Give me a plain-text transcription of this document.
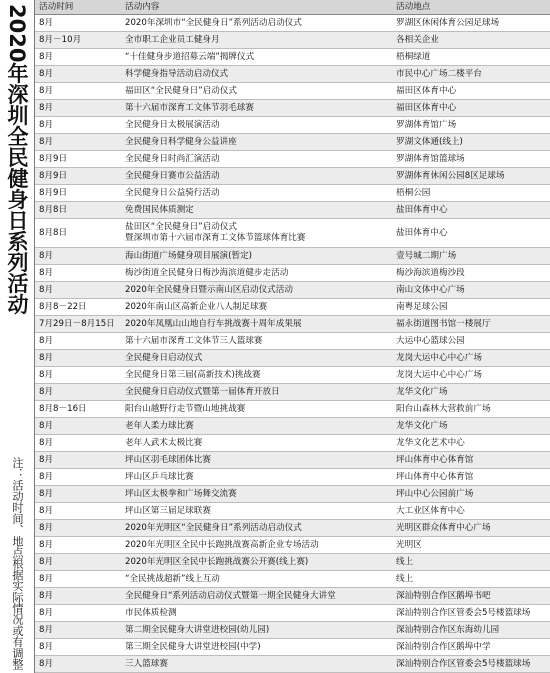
2020年深圳全民健身日系列活动
注：活动时间、地点根据实际情况或有调整
活动时间	活动内容	活动地点
8月	2020年深圳市“全民健身日”系列活动启动仪式	罗湖区休闲体育公园足球场
8月－10月	全市职工企业员工健身月	各相关企业
8月	“十佳健身步道招募云端”揭牌仪式	梧桐绿道
8月	科学健身指导活动启动仪式	市民中心广场二楼平台
8月	福田区“全民健身日”启动仪式	福田区体育中心
8月	第十六届市深育工文体节羽毛球赛	福田区体育中心
8月	全民健身日太极展演活动	罗湖体育馆广场
8月	全民健身日科学健身公益讲座	罗湖文体通(线上)
8月9日	全民健身日时尚汇演活动	罗湖体育馆篮球场
8月9日	全民健身日赛市公益活动	罗湖体育休闲公园8区足球场
8月9日	全民健身日公益骑行活动	梧桐公园
8月8日	免费国民体质测定	盐田体育中心
8月8日	盐田区“全民健身日”启动仪式
暨深圳市第十六届市深育工文体节篮球体育比赛	盐田体育中心
8月	海山街道广场健身项目展演(暂定)	壹号城二期广场
8月	梅沙街道全民健身日梅沙海滨道健步走活动	梅沙海滨道梅沙段
8月	2020年全民健身日暨示南山区启动仪式活动	南山文体中心广场
8月8－22日	2020年南山区高新企业八人制足球赛	南粤足球公园
7月29日－8月15日	2020年凤凰山山地自行车挑战赛十周年成果展	福永街道图书馆一楼展厅
8月	第十六届市深育工文体节三人篮球赛	大运中心篮球公园
8月	全民健身日启动仪式	龙岗大运中心中心广场
8月	全民健身日第三届(高新技术)挑战赛	龙岗大运中心中心广场
8月	全民健身日启动仪式暨第一届体育开放日	龙华文化广场
8月8－16日	阳台山越野行走节暨山地挑战赛	阳台山森林大营救前广场
8月	老年人柔力球比赛	龙华文化广场
8月	老年人武术太极比赛	龙华文化艺术中心
8月	坪山区羽毛球团体比赛	坪山体育中心体育馆
8月	坪山区乒乓球比赛	坪山体育中心体育馆
8月	坪山区太极拳和广场舞交流赛	坪山中心公园前广场
8月	坪山区第三届足球联赛	大工业区体育中心
8月	2020年光明区“全民健身日”系列活动启动仪式	光明区群众体育中心广场
8月	2020年光明区全民中长跑挑战赛高新企业专场活动	光明区
8月	2020年光明区全民中长跑挑战赛公开赛(线上赛)	线上
8月	“全民挑战超新”线上互动	线上
8月	全民健身日“系列活动启动仪式暨第一期全民健身大讲堂	深汕特别合作区鹅埠书吧
8月	市民体质检测	深汕特别合作区管委会5号楼篮球场
8月	第二期全民健身大讲堂进校园(幼儿园)	深汕特别合作区东海幼儿园
8月	第三期全民健身大讲堂进校园(中学)	深汕特别合作区鹅埠中学
8月	三人篮球赛	深汕特别合作区管委会5号楼篮球场
